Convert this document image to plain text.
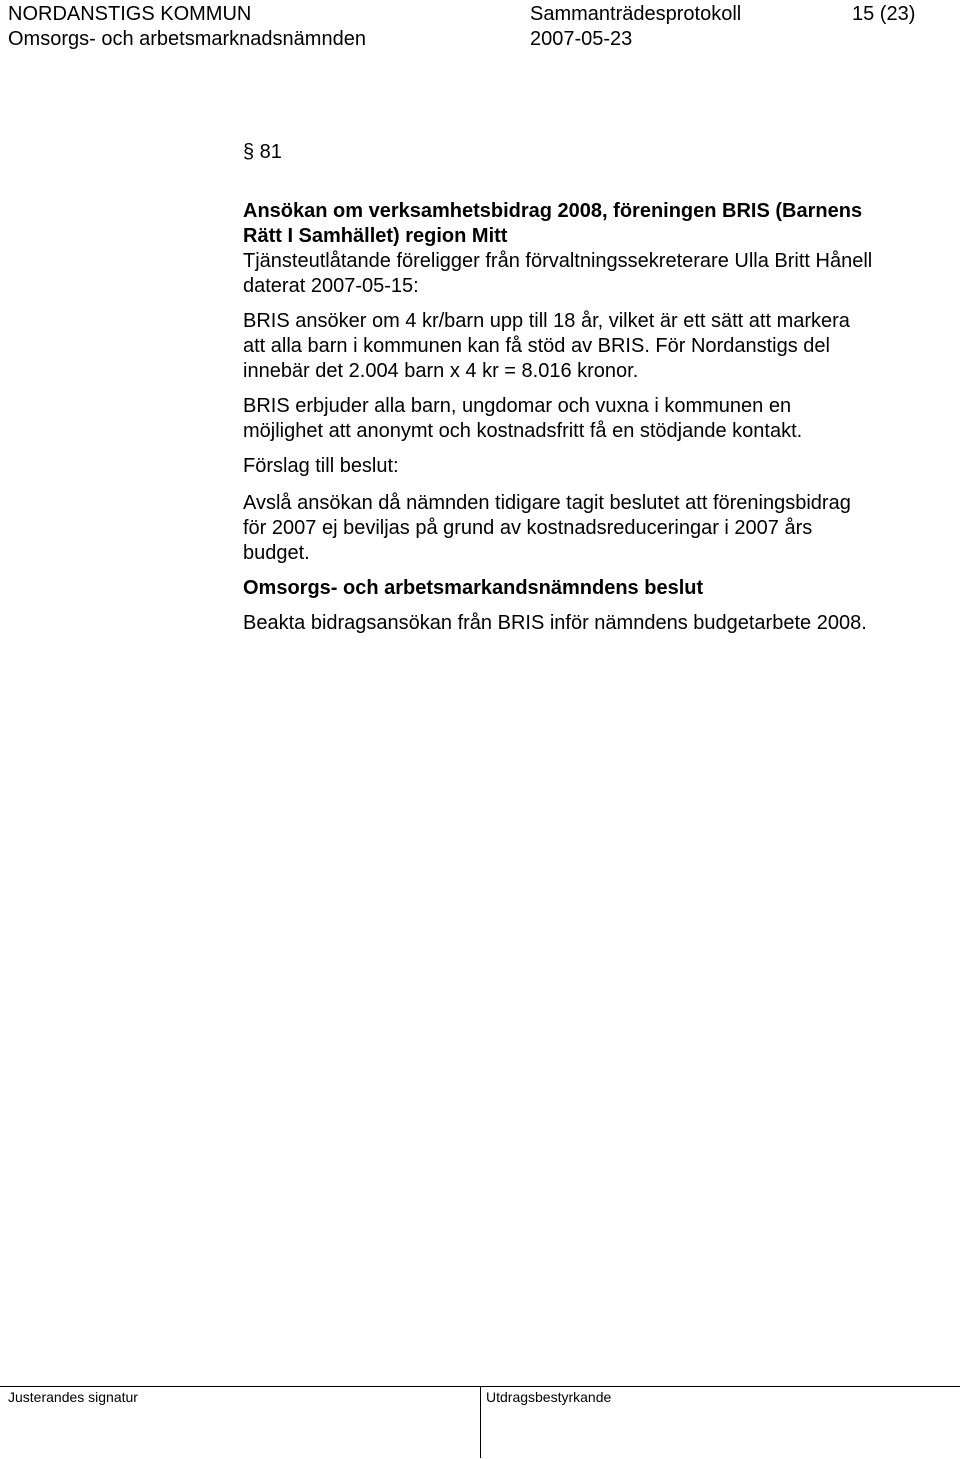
NORDANSTIGS KOMMUN	Sammanträdesprotokoll	15 (23)
Omsorgs- och arbetsmarknadsnämnden	2007-05-23
§ 81

Ansökan om verksamhetsbidrag 2008, föreningen BRIS (Barnens

Rätt I Samhället) region Mitt

Tjänsteutlåtande föreligger från förvaltningssekreterare Ulla Britt Hånell

daterat 2007-05-15:

BRIS ansöker om 4 kr/barn upp till 18 år, vilket är ett sätt att markera

att alla barn i kommunen kan få stöd av BRIS. För Nordanstigs del

innebär det 2.004 barn x 4 kr = 8.016 kronor.

BRIS erbjuder alla barn, ungdomar och vuxna i kommunen en

möjlighet att anonymt och kostnadsfritt få en stödjande kontakt.

Förslag till beslut:

Avslå ansökan då nämnden tidigare tagit beslutet att föreningsbidrag

för 2007 ej beviljas på grund av kostnadsreduceringar i 2007 års

budget.

Omsorgs- och arbetsmarkandsnämndens beslut

Beakta bidragsansökan från BRIS inför nämndens budgetarbete 2008.

Justerandes signatur	Utdragsbestyrkande
